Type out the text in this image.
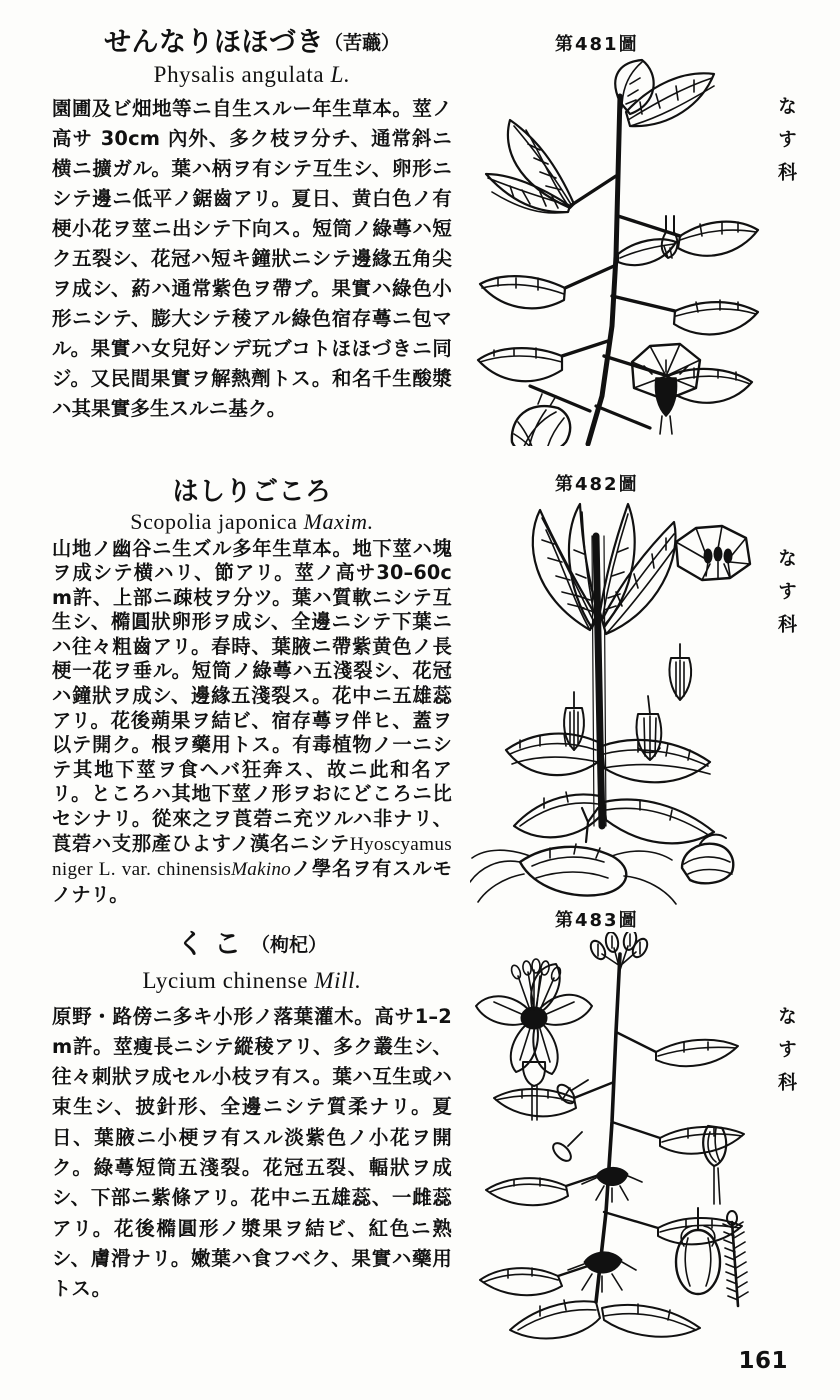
せんなりほほづき（苦蘵）
Physalis angulata L.
園圃及ビ畑地等ニ自生スルー年生草本。莖ノ高サ 30cm 內外、多ク枝ヲ分チ、通常斜ニ横ニ擴ガル。葉ハ柄ヲ有シテ互生シ、卵形ニシテ邊ニ低平ノ鋸齒アリ。夏日、黄白色ノ有梗小花ヲ莖ニ出シテ下向ス。短筒ノ綠蕚ハ短ク五裂シ、花冠ハ短キ鐘狀ニシテ邊緣五角尖ヲ成シ、葯ハ通常紫色ヲ帶ブ。果實ハ綠色小形ニシテ、膨大シテ稜アル綠色宿存蕚ニ包マル。果實ハ女兒好ンデ玩ブコトほほづきニ同ジ。又民間果實ヲ解熱劑トス。和名千生酸漿ハ其果實多生スルニ基ク。
はしりごころ
Scopolia japonica Maxim.
山地ノ幽谷ニ生ズル多年生草本。地下莖ハ塊ヲ成シテ横ハリ、節アリ。莖ノ高サ30–60cm許、上部ニ疎枝ヲ分ツ。葉ハ質軟ニシテ互生シ、橢圓狀卵形ヲ成シ、全邊ニシテ下葉ニハ往々粗齒アリ。春時、葉腋ニ帶紫黄色ノ長梗一花ヲ垂ル。短筒ノ綠蕚ハ五淺裂シ、花冠ハ鐘狀ヲ成シ、邊緣五淺裂ス。花中ニ五雄蕊アリ。花後蒴果ヲ結ビ、宿存蕚ヲ伴ヒ、蓋ヲ以テ開ク。根ヲ藥用トス。有毒植物ノ一ニシテ其地下莖ヲ食ヘバ狂奔ス、故ニ此和名アリ。ところハ其地下莖ノ形ヲおにどころニ比セシナリ。從來之ヲ莨菪ニ充ツルハ非ナリ、莨菪ハ支那產ひよすノ漢名ニシテHyoscyamus niger L. var. chinensisMakinoノ學名ヲ有スルモノナリ。
くこ（枸杞）
Lycium chinense Mill.
原野・路傍ニ多キ小形ノ落葉灌木。高サ1–2m許。莖瘦長ニシテ縱稜アリ、多ク叢生シ、往々刺狀ヲ成セル小枝ヲ有ス。葉ハ互生或ハ束生シ、披針形、全邊ニシテ質柔ナリ。夏日、葉腋ニ小梗ヲ有スル淡紫色ノ小花ヲ開ク。綠蕚短筒五淺裂。花冠五裂、輻狀ヲ成シ、下部ニ紫條アリ。花中ニ五雄蕊、一雌蕊アリ。花後橢圓形ノ漿果ヲ結ビ、紅色ニ熟シ、膚滑ナリ。嫩葉ハ食フベク、果實ハ藥用トス。
第481圖
なす科
第482圖
なす科
第483圖
なす科
161
